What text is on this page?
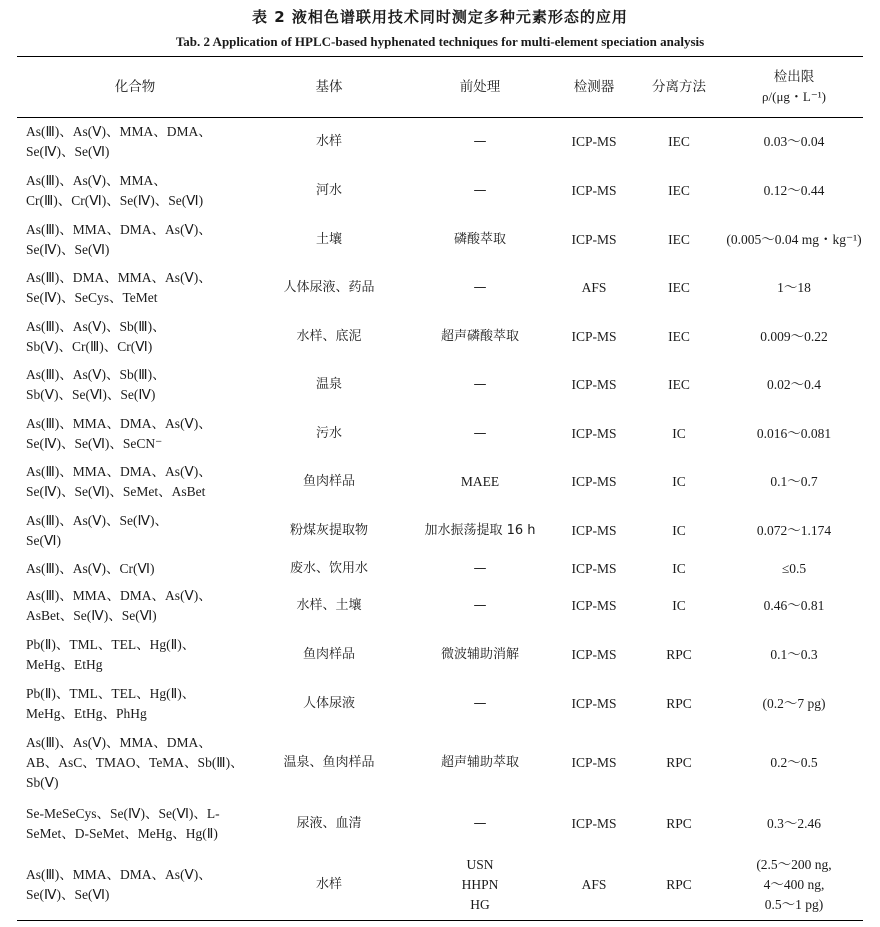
表 2 液相色谱联用技术同时测定多种元素形态的应用
Tab. 2 Application of HPLC-based hyphenated techniques for multi-element speciation analysis
化合物	基体	前处理	检测器	分离方法	检出限
ρ/(μg・L⁻¹)

As(Ⅲ)、As(Ⅴ)、MMA、DMA、
Se(Ⅳ)、Se(Ⅵ)	水样	—	ICP-MS	IEC	0.03～0.04

As(Ⅲ)、As(Ⅴ)、MMA、
Cr(Ⅲ)、Cr(Ⅵ)、Se(Ⅳ)、Se(Ⅵ)	河水	—	ICP-MS	IEC	0.12～0.44

As(Ⅲ)、MMA、DMA、As(Ⅴ)、
Se(Ⅳ)、Se(Ⅵ)	土壤	磷酸萃取	ICP-MS	IEC	(0.005～0.04 mg・kg⁻¹)

As(Ⅲ)、DMA、MMA、As(Ⅴ)、
Se(Ⅳ)、SeCys、TeMet	人体尿液、药品	—	AFS	IEC	1～18

As(Ⅲ)、As(Ⅴ)、Sb(Ⅲ)、
Sb(Ⅴ)、Cr(Ⅲ)、Cr(Ⅵ)	水样、底泥	超声磷酸萃取	ICP-MS	IEC	0.009～0.22

As(Ⅲ)、As(Ⅴ)、Sb(Ⅲ)、
Sb(Ⅴ)、Se(Ⅵ)、Se(Ⅳ)	温泉	—	ICP-MS	IEC	0.02～0.4

As(Ⅲ)、MMA、DMA、As(Ⅴ)、
Se(Ⅳ)、Se(Ⅵ)、SeCN⁻	污水	—	ICP-MS	IC	0.016～0.081

As(Ⅲ)、MMA、DMA、As(Ⅴ)、
Se(Ⅳ)、Se(Ⅵ)、SeMet、AsBet	鱼肉样品	MAEE	ICP-MS	IC	0.1～0.7

As(Ⅲ)、As(Ⅴ)、Se(Ⅳ)、
Se(Ⅵ)	粉煤灰提取物	加水振荡提取 16 h	ICP-MS	IC	0.072～1.174

As(Ⅲ)、As(Ⅴ)、Cr(Ⅵ)	废水、饮用水	—	ICP-MS	IC	≤0.5

As(Ⅲ)、MMA、DMA、As(Ⅴ)、
AsBet、Se(Ⅳ)、Se(Ⅵ)	水样、土壤	—	ICP-MS	IC	0.46～0.81

Pb(Ⅱ)、TML、TEL、Hg(Ⅱ)、
MeHg、EtHg	鱼肉样品	微波辅助消解	ICP-MS	RPC	0.1～0.3

Pb(Ⅱ)、TML、TEL、Hg(Ⅱ)、
MeHg、EtHg、PhHg	人体尿液	—	ICP-MS	RPC	(0.2～7 pg)

As(Ⅲ)、As(Ⅴ)、MMA、DMA、
AB、AsC、TMAO、TeMA、Sb(Ⅲ)、
Sb(Ⅴ)	温泉、鱼肉样品	超声辅助萃取	ICP-MS	RPC	0.2～0.5

Se-MeSeCys、Se(Ⅳ)、Se(Ⅵ)、L-
SeMet、D-SeMet、MeHg、Hg(Ⅱ)	尿液、血清	—	ICP-MS	RPC	0.3～2.46

As(Ⅲ)、MMA、DMA、As(Ⅴ)、
Se(Ⅳ)、Se(Ⅵ)	水样	USN
HHPN
HG	AFS	RPC	(2.5～200 ng,
4～400 ng,
0.5～1 pg)
